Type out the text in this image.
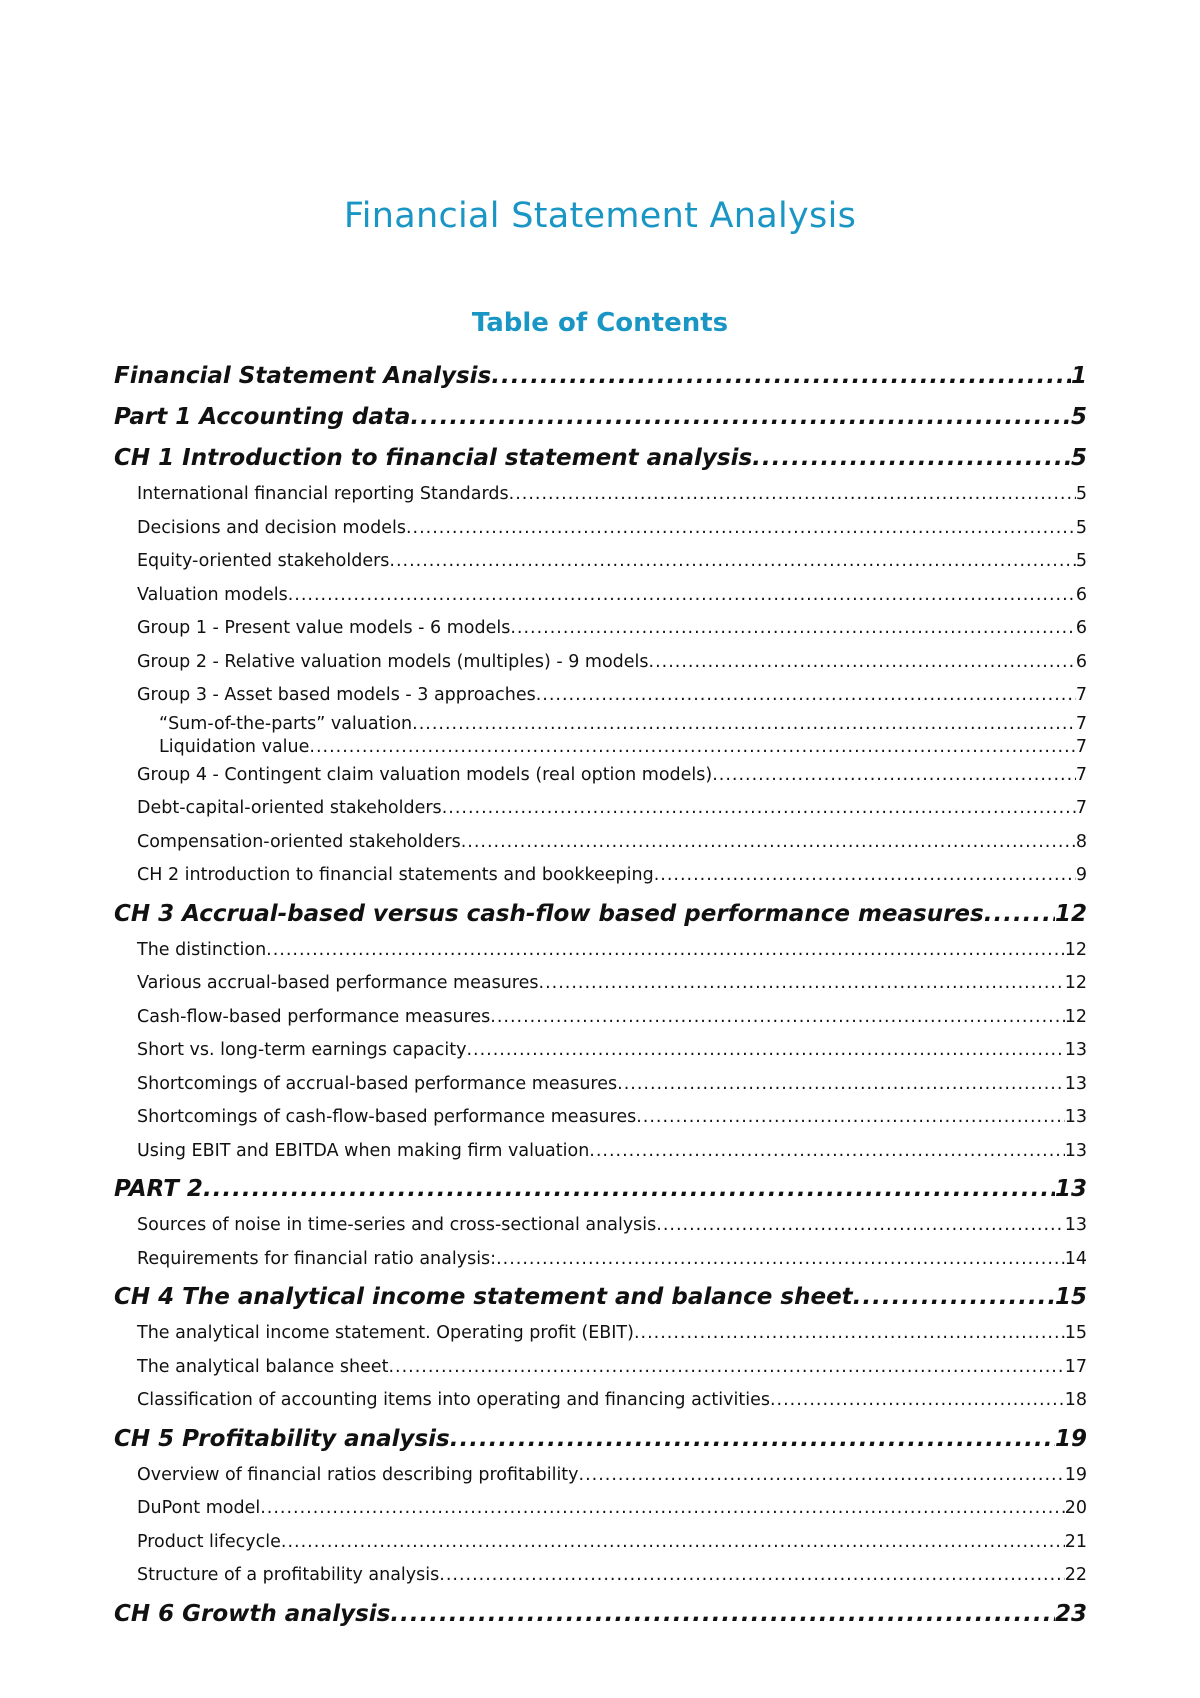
Financial Statement Analysis
Table of Contents
Financial Statement Analysis .....	1
Part 1 Accounting data .....	5
CH 1 Introduction to financial statement analysis .....	5
International financial reporting Standards .....	5
Decisions and decision models .....	5
Equity-oriented stakeholders .....	5
Valuation models .....	6
Group 1 - Present value models - 6 models .....	6
Group 2 - Relative valuation models (multiples) - 9 models .....	6
Group 3 - Asset based models - 3 approaches .....	7
“Sum-of-the-parts” valuation .....	7
Liquidation value .....	7
Group 4 - Contingent claim valuation models (real option models) .....	7
Debt-capital-oriented stakeholders .....	7
Compensation-oriented stakeholders .....	8
CH 2 introduction to financial statements and bookkeeping .....	9
CH 3 Accrual-based versus cash-flow based performance measures .....	12
The distinction .....	12
Various accrual-based performance measures .....	12
Cash-flow-based performance measures .....	12
Short vs. long-term earnings capacity .....	13
Shortcomings of accrual-based performance measures .....	13
Shortcomings of cash-flow-based performance measures .....	13
Using EBIT and EBITDA when making firm valuation .....	13
PART 2 .....	13
Sources of noise in time-series and cross-sectional analysis .....	13
Requirements for financial ratio analysis: .....	14
CH 4 The analytical income statement and balance sheet .....	15
The analytical income statement. Operating profit (EBIT) .....	15
The analytical balance sheet .....	17
Classification of accounting items into operating and financing activities .....	18
CH 5 Profitability analysis .....	19
Overview of financial ratios describing profitability .....	19
DuPont model .....	20
Product lifecycle .....	21
Structure of a profitability analysis .....	22
CH 6 Growth analysis .....	23
